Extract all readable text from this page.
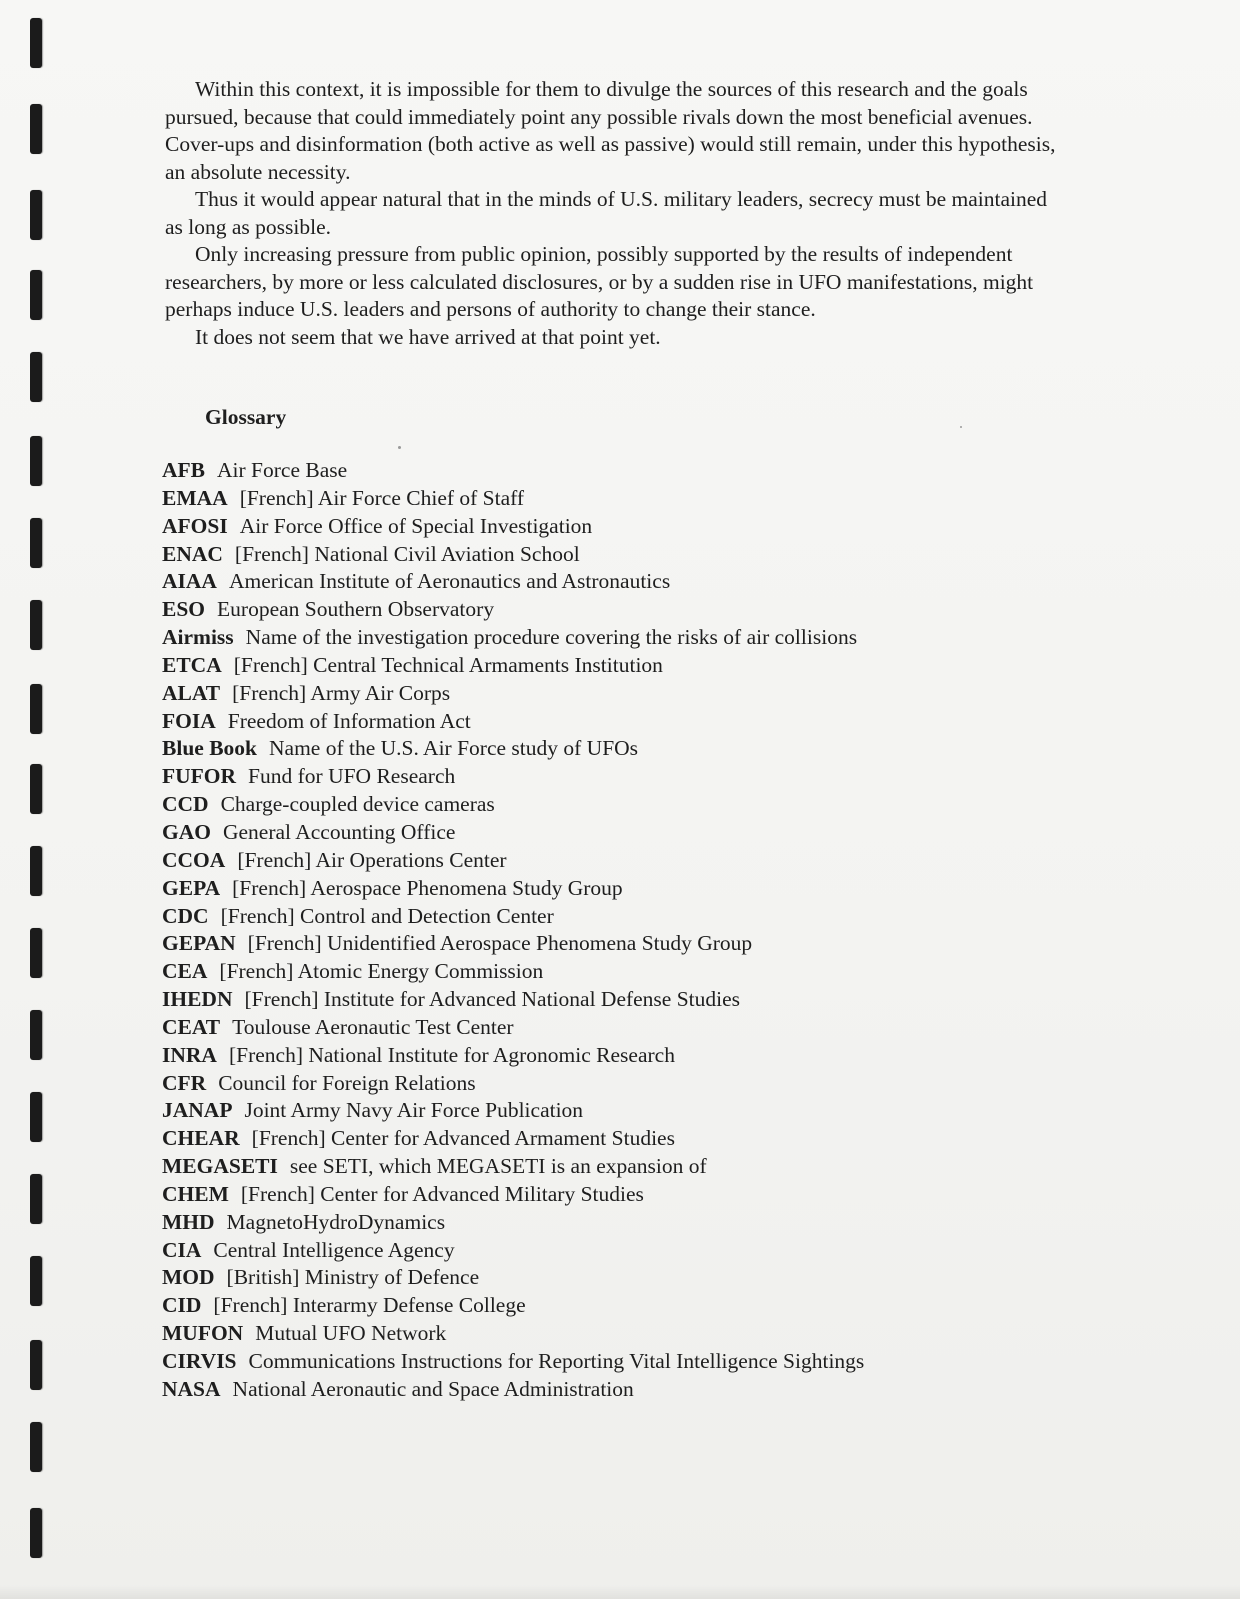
Within this context, it is impossible for them to divulge the sources of this research and the goals pursued, because that could immediately point any possible rivals down the most beneficial avenues. Cover-ups and disinformation (both active as well as passive) would still remain, under this hypothesis, an absolute necessity.

Thus it would appear natural that in the minds of U.S. military leaders, secrecy must be maintained as long as possible.

Only increasing pressure from public opinion, possibly supported by the results of independent researchers, by more or less calculated disclosures, or by a sudden rise in UFO manifestations, might perhaps induce U.S. leaders and persons of authority to change their stance.

It does not seem that we have arrived at that point yet.

Glossary
AFB Air Force Base
EMAA [French] Air Force Chief of Staff
AFOSI Air Force Office of Special Investigation
ENAC [French] National Civil Aviation School
AIAA American Institute of Aeronautics and Astronautics
ESO European Southern Observatory
Airmiss Name of the investigation procedure covering the risks of air collisions
ETCA [French] Central Technical Armaments Institution
ALAT [French] Army Air Corps
FOIA Freedom of Information Act
Blue Book Name of the U.S. Air Force study of UFOs
FUFOR Fund for UFO Research
CCD Charge-coupled device cameras
GAO General Accounting Office
CCOA [French] Air Operations Center
GEPA [French] Aerospace Phenomena Study Group
CDC [French] Control and Detection Center
GEPAN [French] Unidentified Aerospace Phenomena Study Group
CEA [French] Atomic Energy Commission
IHEDN [French] Institute for Advanced National Defense Studies
CEAT Toulouse Aeronautic Test Center
INRA [French] National Institute for Agronomic Research
CFR Council for Foreign Relations
JANAP Joint Army Navy Air Force Publication
CHEAR [French] Center for Advanced Armament Studies
MEGASETI see SETI, which MEGASETI is an expansion of
CHEM [French] Center for Advanced Military Studies
MHD MagnetoHydroDynamics
CIA Central Intelligence Agency
MOD [British] Ministry of Defence
CID [French] Interarmy Defense College
MUFON Mutual UFO Network
CIRVIS Communications Instructions for Reporting Vital Intelligence Sightings
NASA National Aeronautic and Space Administration
